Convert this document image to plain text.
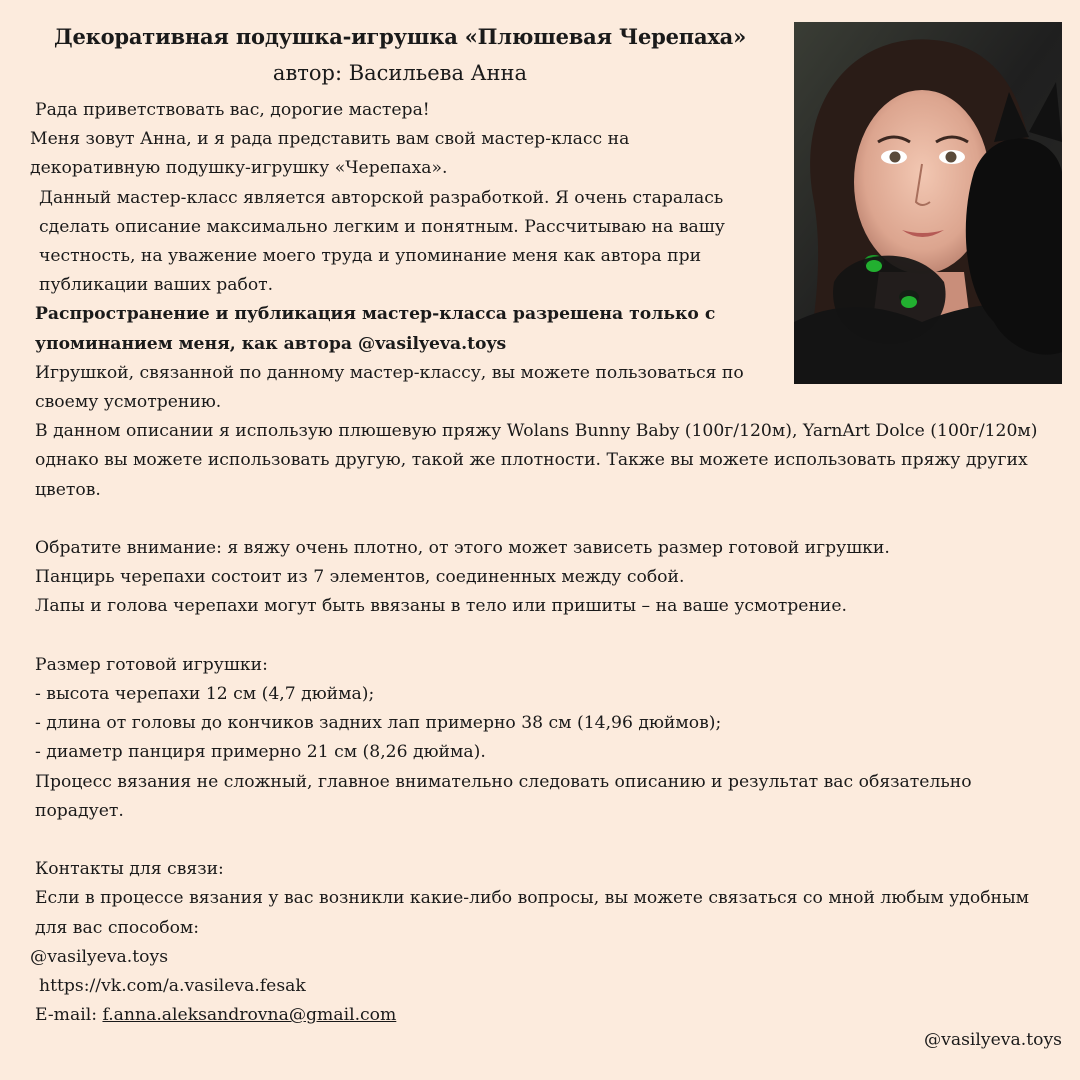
Декоративная подушка-игрушка «Плюшевая Черепаха»
автор: Васильева Анна
Рада приветствовать вас, дорогие мастера!
Меня зовут Анна, и я рада представить вам свой мастер-класс на декоративную подушку-игрушку «Черепаха».
Данный мастер-класс является авторской разработкой. Я очень старалась сделать описание максимально легким и понятным. Рассчитываю на вашу честность, на уважение моего труда и упоминание меня как автора при публикации ваших работ.
Распространение и публикация мастер-класса разрешена только с упоминанием меня, как автора @vasilyeva.toys
Игрушкой, связанной по данному мастер-классу, вы можете пользоваться по своему усмотрению.
В данном описании я использую плюшевую пряжу Wolans Bunny Baby (100г/120м), YarnArt Dolce (100г/120м) однако вы можете использовать другую, такой же плотности. Также вы можете использовать пряжу других цветов.
Обратите внимание: я вяжу очень плотно, от этого может зависеть размер готовой игрушки.
Панцирь черепахи состоит из 7 элементов, соединенных между собой.
Лапы и голова черепахи могут быть ввязаны в тело или пришиты – на ваше усмотрение.
Размер готовой игрушки:
- высота черепахи 12 см (4,7 дюйма);
- длина от головы до кончиков задних лап примерно 38 см (14,96 дюймов);
- диаметр панциря примерно 21 см (8,26 дюйма).
Процесс вязания не сложный, главное внимательно следовать описанию и результат вас обязательно порадует.
Контакты для связи:
Если в процессе вязания у вас возникли какие-либо вопросы, вы можете связаться со мной любым удобным для вас способом:
@vasilyeva.toys
https://vk.com/a.vasileva.fesak
E-mail: f.anna.aleksandrovna@gmail.com
@vasilyeva.toys
